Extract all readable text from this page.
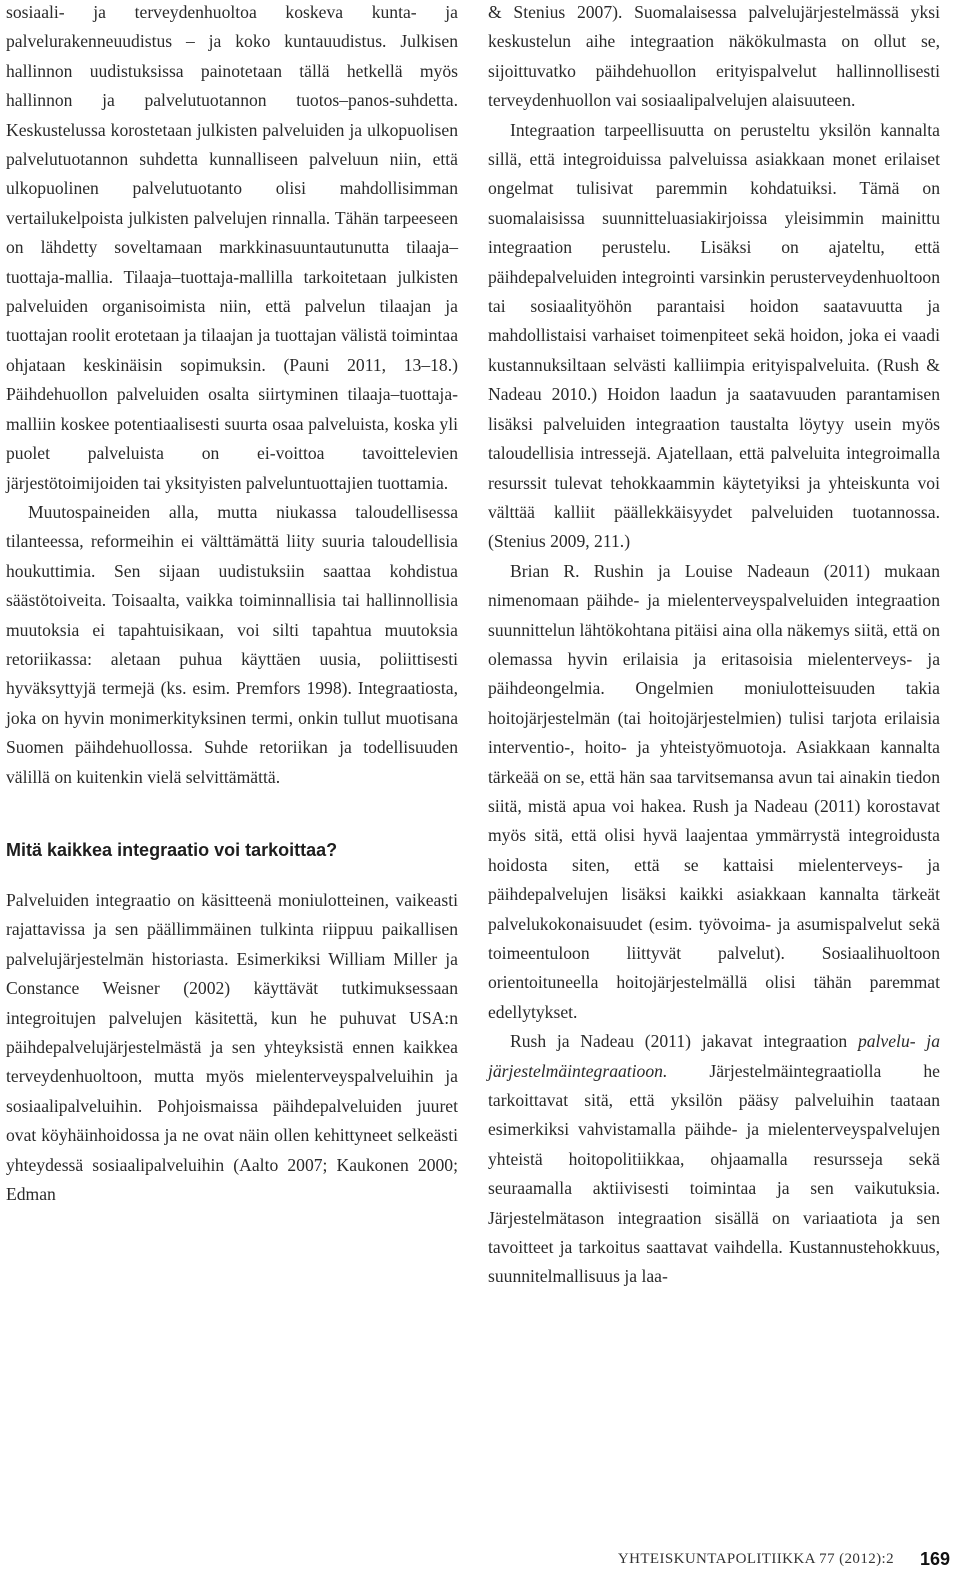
sosiaali- ja terveydenhuoltoa koskeva kunta- ja palvelurakenneuudistus – ja koko kuntauudistus. Julkisen hallinnon uudistuksissa painotetaan tällä hetkellä myös hallinnon ja palvelutuotannon tuotos–panos-suhdetta. Keskustelussa korostetaan julkisten palveluiden ja ulkopuolisen palvelutuotannon suhdetta kunnalliseen palveluun niin, että ulkopuolinen palvelutuotanto olisi mahdollisimman vertailukelpoista julkisten palvelujen rinnalla. Tähän tarpeeseen on lähdetty soveltamaan markkinasuuntautunutta tilaaja–tuottaja-mallia. Tilaaja–tuottaja-mallilla tarkoitetaan julkisten palveluiden organisoimista niin, että palvelun tilaajan ja tuottajan roolit erotetaan ja tilaajan ja tuottajan välistä toimintaa ohjataan keskinäisin sopimuksin. (Pauni 2011, 13–18.) Päihdehuollon palveluiden osalta siirtyminen tilaaja–tuottaja-malliin koskee potentiaalisesti suurta osaa palveluista, koska yli puolet palveluista on ei-voittoa tavoittelevien järjestötoimijoiden tai yksityisten palveluntuottajien tuottamia.

Muutospaineiden alla, mutta niukassa taloudellisessa tilanteessa, reformeihin ei välttämättä liity suuria taloudellisia houkuttimia. Sen sijaan uudistuksiin saattaa kohdistua säästötoiveita. Toisaalta, vaikka toiminnallisia tai hallinnollisia muutoksia ei tapahtuisikaan, voi silti tapahtua muutoksia retoriikassa: aletaan puhua käyttäen uusia, poliittisesti hyväksyttyjä termejä (ks. esim. Premfors 1998). Integraatiosta, joka on hyvin monimerkityksinen termi, onkin tullut muotisana Suomen päihdehuollossa. Suhde retoriikan ja todellisuuden välillä on kuitenkin vielä selvittämättä.

Mitä kaikkea integraatio voi tarkoittaa?

Palveluiden integraatio on käsitteenä moniulotteinen, vaikeasti rajattavissa ja sen päällimmäinen tulkinta riippuu paikallisen palvelujärjestelmän historiasta. Esimerkiksi William Miller ja Constance Weisner (2002) käyttävät tutkimuksessaan integroitujen palvelujen käsitettä, kun he puhuvat USA:n päihdepalvelujärjestelmästä ja sen yhteyksistä ennen kaikkea terveydenhuoltoon, mutta myös mielenterveyspalveluihin ja sosiaalipalveluihin. Pohjoismaissa päihdepalveluiden juuret ovat köyhäinhoidossa ja ne ovat näin ollen kehittyneet selkeästi yhteydessä sosiaalipalveluihin (Aalto 2007; Kaukonen 2000; Edman

& Stenius 2007). Suomalaisessa palvelujärjestelmässä yksi keskustelun aihe integraation näkökulmasta on ollut se, sijoittuvatko päihdehuollon erityispalvelut hallinnollisesti terveydenhuollon vai sosiaalipalvelujen alaisuuteen.

Integraation tarpeellisuutta on perusteltu yksilön kannalta sillä, että integroiduissa palveluissa asiakkaan monet erilaiset ongelmat tulisivat paremmin kohdatuiksi. Tämä on suomalaisissa suunnitteluasiakirjoissa yleisimmin mainittu integraation perustelu. Lisäksi on ajateltu, että päihdepalveluiden integrointi varsinkin perusterveydenhuoltoon tai sosiaalityöhön parantaisi hoidon saatavuutta ja mahdollistaisi varhaiset toimenpiteet sekä hoidon, joka ei vaadi kustannuksiltaan selvästi kalliimpia erityispalveluita. (Rush & Nadeau 2010.) Hoidon laadun ja saatavuuden parantamisen lisäksi palveluiden integraation taustalta löytyy usein myös taloudellisia intressejä. Ajatellaan, että palveluita integroimalla resurssit tulevat tehokkaammin käytetyiksi ja yhteiskunta voi välttää kalliit päällekkäisyydet palveluiden tuotannossa. (Stenius 2009, 211.)

Brian R. Rushin ja Louise Nadeaun (2011) mukaan nimenomaan päihde- ja mielenterveyspalveluiden integraation suunnittelun lähtökohtana pitäisi aina olla näkemys siitä, että on olemassa hyvin erilaisia ja eritasoisia mielenterveys- ja päihdeongelmia. Ongelmien moniulotteisuuden takia hoitojärjestelmän (tai hoitojärjestelmien) tulisi tarjota erilaisia interventio-, hoito- ja yhteistyömuotoja. Asiakkaan kannalta tärkeää on se, että hän saa tarvitsemansa avun tai ainakin tiedon siitä, mistä apua voi hakea. Rush ja Nadeau (2011) korostavat myös sitä, että olisi hyvä laajentaa ymmärrystä integroidusta hoidosta siten, että se kattaisi mielenterveys- ja päihdepalvelujen lisäksi kaikki asiakkaan kannalta tärkeät palvelukokonaisuudet (esim. työvoima- ja asumispalvelut sekä toimeentuloon liittyvät palvelut). Sosiaalihuoltoon orientoituneella hoitojärjestelmällä olisi tähän paremmat edellytykset.

Rush ja Nadeau (2011) jakavat integraation palvelu- ja järjestelmäintegraatioon. Järjestelmäintegraatiolla he tarkoittavat sitä, että yksilön pääsy palveluihin taataan esimerkiksi vahvistamalla päihde- ja mielenterveyspalvelujen yhteistä hoitopolitiikkaa, ohjaamalla resursseja sekä seuraamalla aktiivisesti toimintaa ja sen vaikutuksia. Järjestelmätason integraation sisällä on variaatiota ja sen tavoitteet ja tarkoitus saattavat vaihdella. Kustannustehokkuus, suunnitelmallisuus ja laa-

YHTEISKUNTAPOLITIIKKA 77 (2012):2 169
